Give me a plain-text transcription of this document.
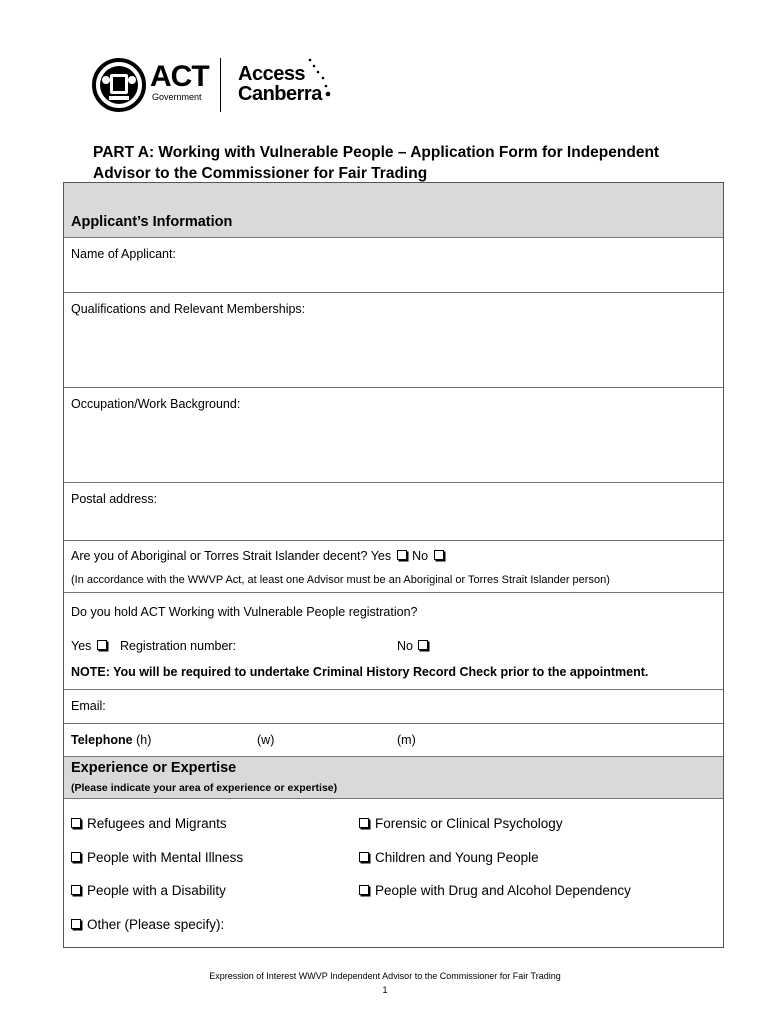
ACT
Government
Access
Canberra
PART A: Working with Vulnerable People – Application Form for Independent Advisor to the Commissioner for Fair Trading
Applicant’s Information
Name of Applicant:
Qualifications and Relevant Memberships:
Occupation/Work Background:
Postal address:
Are you of Aboriginal or Torres Strait Islander decent? Yes No
(In accordance with the WWVP Act, at least one Advisor must be an Aboriginal or Torres Strait Islander person)
Do you hold ACT Working with Vulnerable People registration?
Yes	Registration number:	No
NOTE: You will be required to undertake Criminal History Record Check prior to the appointment.
Email:
Telephone (h)	(w)	(m)
Experience or Expertise
(Please indicate your area of experience or expertise)
Refugees and Migrants	Forensic or Clinical Psychology
People with Mental Illness	Children and Young People
People with a Disability	People with Drug and Alcohol Dependency
Other (Please specify):
Expression of Interest WWVP Independent Advisor to the Commissioner for Fair Trading
1
